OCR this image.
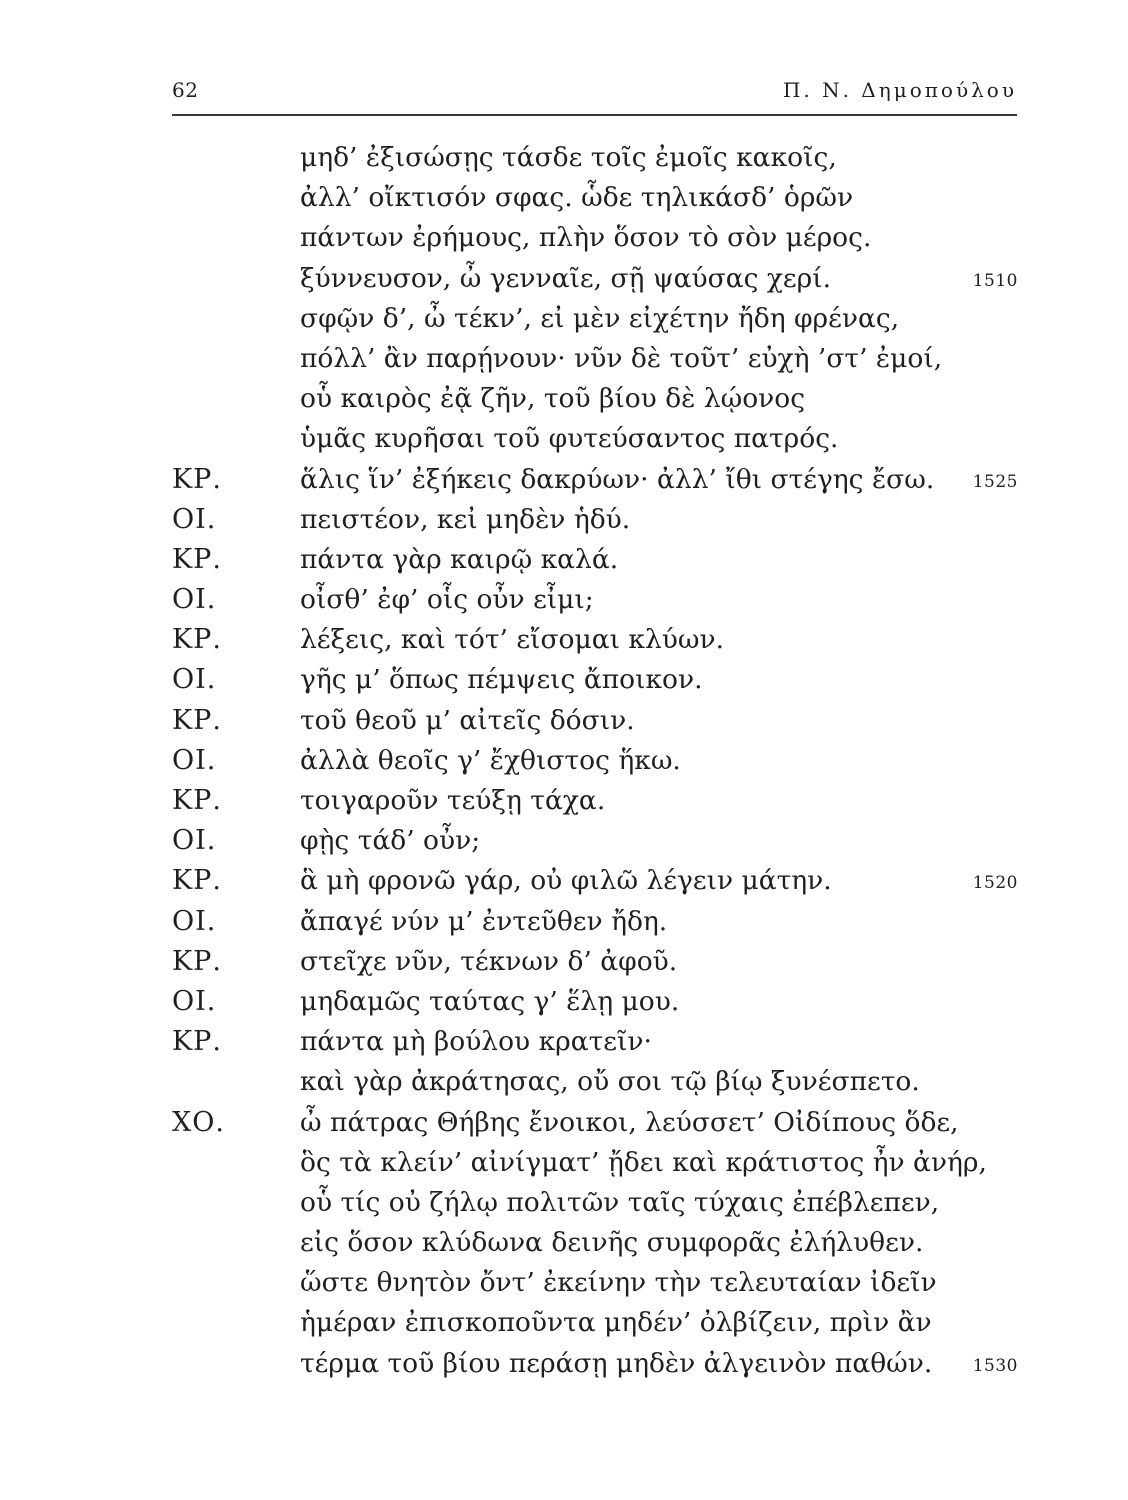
62	Π. Ν. Δημοπούλου
μηδ’ ἐξισώσῃς τάσδε τοῖς ἐμοῖς κακοῖς,
ἀλλ’ οἴκτισόν σφας. ὧδε τηλικάσδ’ ὁρῶν
πάντων ἐρήμους, πλὴν ὅσον τὸ σὸν μέρος.
ξύννευσον, ὦ γενναῖε, σῇ ψαύσας χερί.	1510
σφῷν δ’, ὦ τέκν’, εἰ μὲν εἰχέτην ἤδη φρένας,
πόλλ’ ἂν παρῄνουν· νῦν δὲ τοῦτ’ εὐχὴ ’στ’ ἐμοί,
οὗ καιρὸς ἐᾷ ζῆν, τοῦ βίου δὲ λῴονος
ὑμᾶς κυρῆσαι τοῦ φυτεύσαντος πατρός.
ΚΡ.	ἅλις ἵν’ ἐξήκεις δακρύων· ἀλλ’ ἴθι στέγης ἔσω. 1525
ΟΙ.	πειστέον, κεἰ μηδὲν ἡδύ.
ΚΡ.	πάντα γὰρ καιρῷ καλά.
ΟΙ.	οἶσθ’ ἐφ’ οἷς οὖν εἶμι;
ΚΡ.	λέξεις, καὶ τότ’ εἴσομαι κλύων.
ΟΙ.	γῆς μ’ ὅπως πέμψεις ἄποικον.
ΚΡ.	τοῦ θεοῦ μ’ αἰτεῖς δόσιν.
ΟΙ.	ἀλλὰ θεοῖς γ’ ἔχθιστος ἥκω.
ΚΡ.	τοιγαροῦν τεύξῃ τάχα.
ΟΙ.	φῂς τάδ’ οὖν;
ΚΡ.	ἃ μὴ φρονῶ γάρ, οὐ φιλῶ λέγειν μάτην.	1520
ΟΙ.	ἄπαγέ νύν μ’ ἐντεῦθεν ἤδη.
ΚΡ.	στεῖχε νῦν, τέκνων δ’ ἀφοῦ.
ΟΙ.	μηδαμῶς ταύτας γ’ ἕλῃ μου.
ΚΡ.	πάντα μὴ βούλου κρατεῖν·
καὶ γὰρ ἀκράτησας, οὔ σοι τῷ βίῳ ξυνέσπετο.
ΧΟ.	ὦ πάτρας Θήβης ἔνοικοι, λεύσσετ’ Οἰδίπους ὅδε,
ὃς τὰ κλείν’ αἰνίγματ’ ᾔδει καὶ κράτιστος ἦν ἀνήρ,
οὗ τίς οὐ ζήλῳ πολιτῶν ταῖς τύχαις ἐπέβλεπεν,
εἰς ὅσον κλύδωνα δεινῆς συμφορᾶς ἐλήλυθεν.
ὥστε θνητὸν ὄντ’ ἐκείνην τὴν τελευταίαν ἰδεῖν
ἡμέραν ἐπισκοποῦντα μηδέν’ ὀλβίζειν, πρὶν ἂν
τέρμα τοῦ βίου περάσῃ μηδὲν ἀλγεινὸν παθών. 1530
